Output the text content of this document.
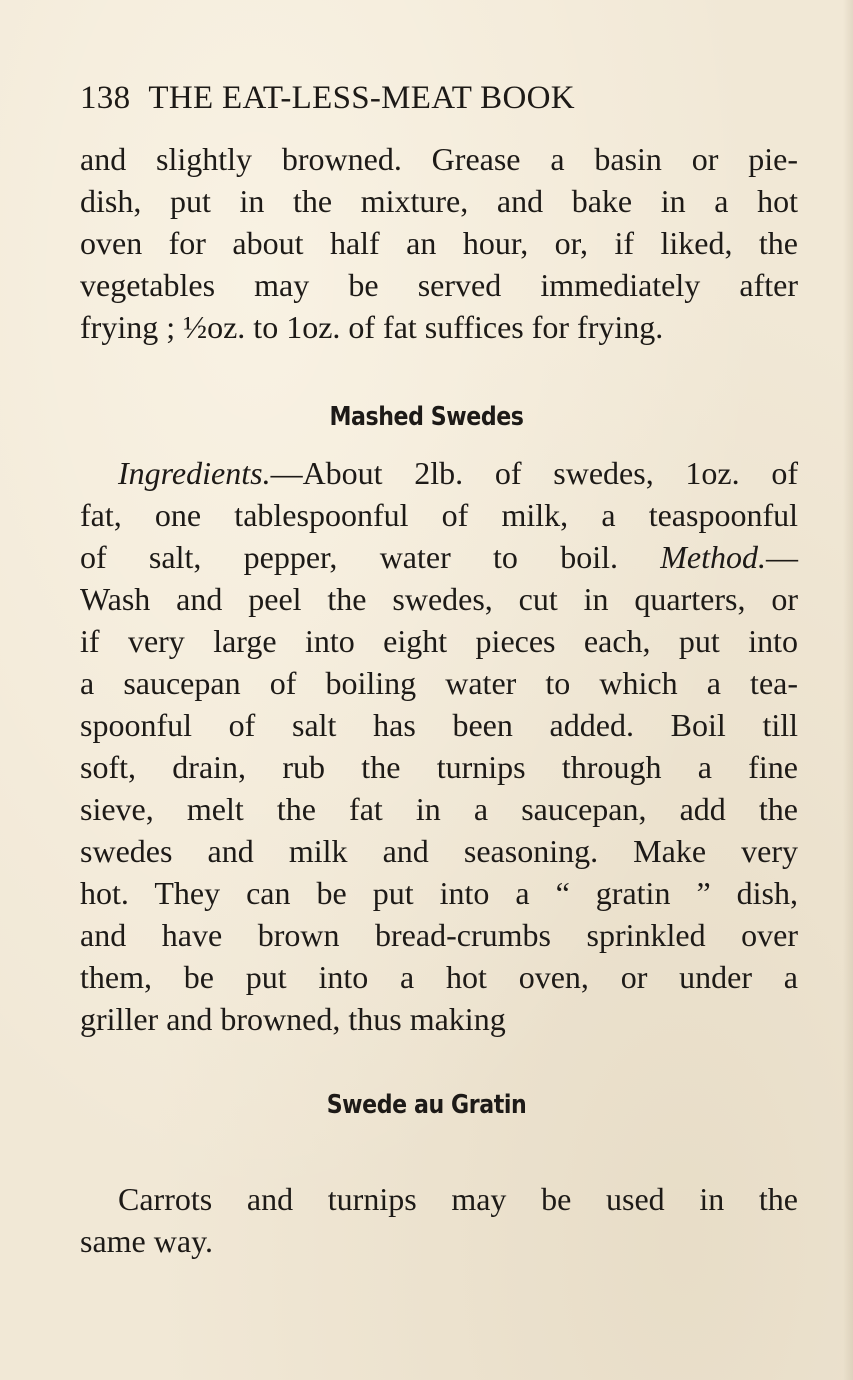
138 THE EAT-LESS-MEAT BOOK
and slightly browned. Grease a basin or pie-
dish, put in the mixture, and bake in a hot
oven for about half an hour, or, if liked, the
vegetables may be served immediately after
frying ; ½oz. to 1oz. of fat suffices for frying.
Mashed Swedes
Ingredients.—About 2lb. of swedes, 1oz. of
fat, one tablespoonful of milk, a teaspoonful
of salt, pepper, water to boil. Method.—
Wash and peel the swedes, cut in quarters, or
if very large into eight pieces each, put into
a saucepan of boiling water to which a tea-
spoonful of salt has been added. Boil till
soft, drain, rub the turnips through a fine
sieve, melt the fat in a saucepan, add the
swedes and milk and seasoning. Make very
hot. They can be put into a “ gratin ” dish,
and have brown bread-crumbs sprinkled over
them, be put into a hot oven, or under a
griller and browned, thus making
Swede au Gratin
Carrots and turnips may be used in the
same way.
